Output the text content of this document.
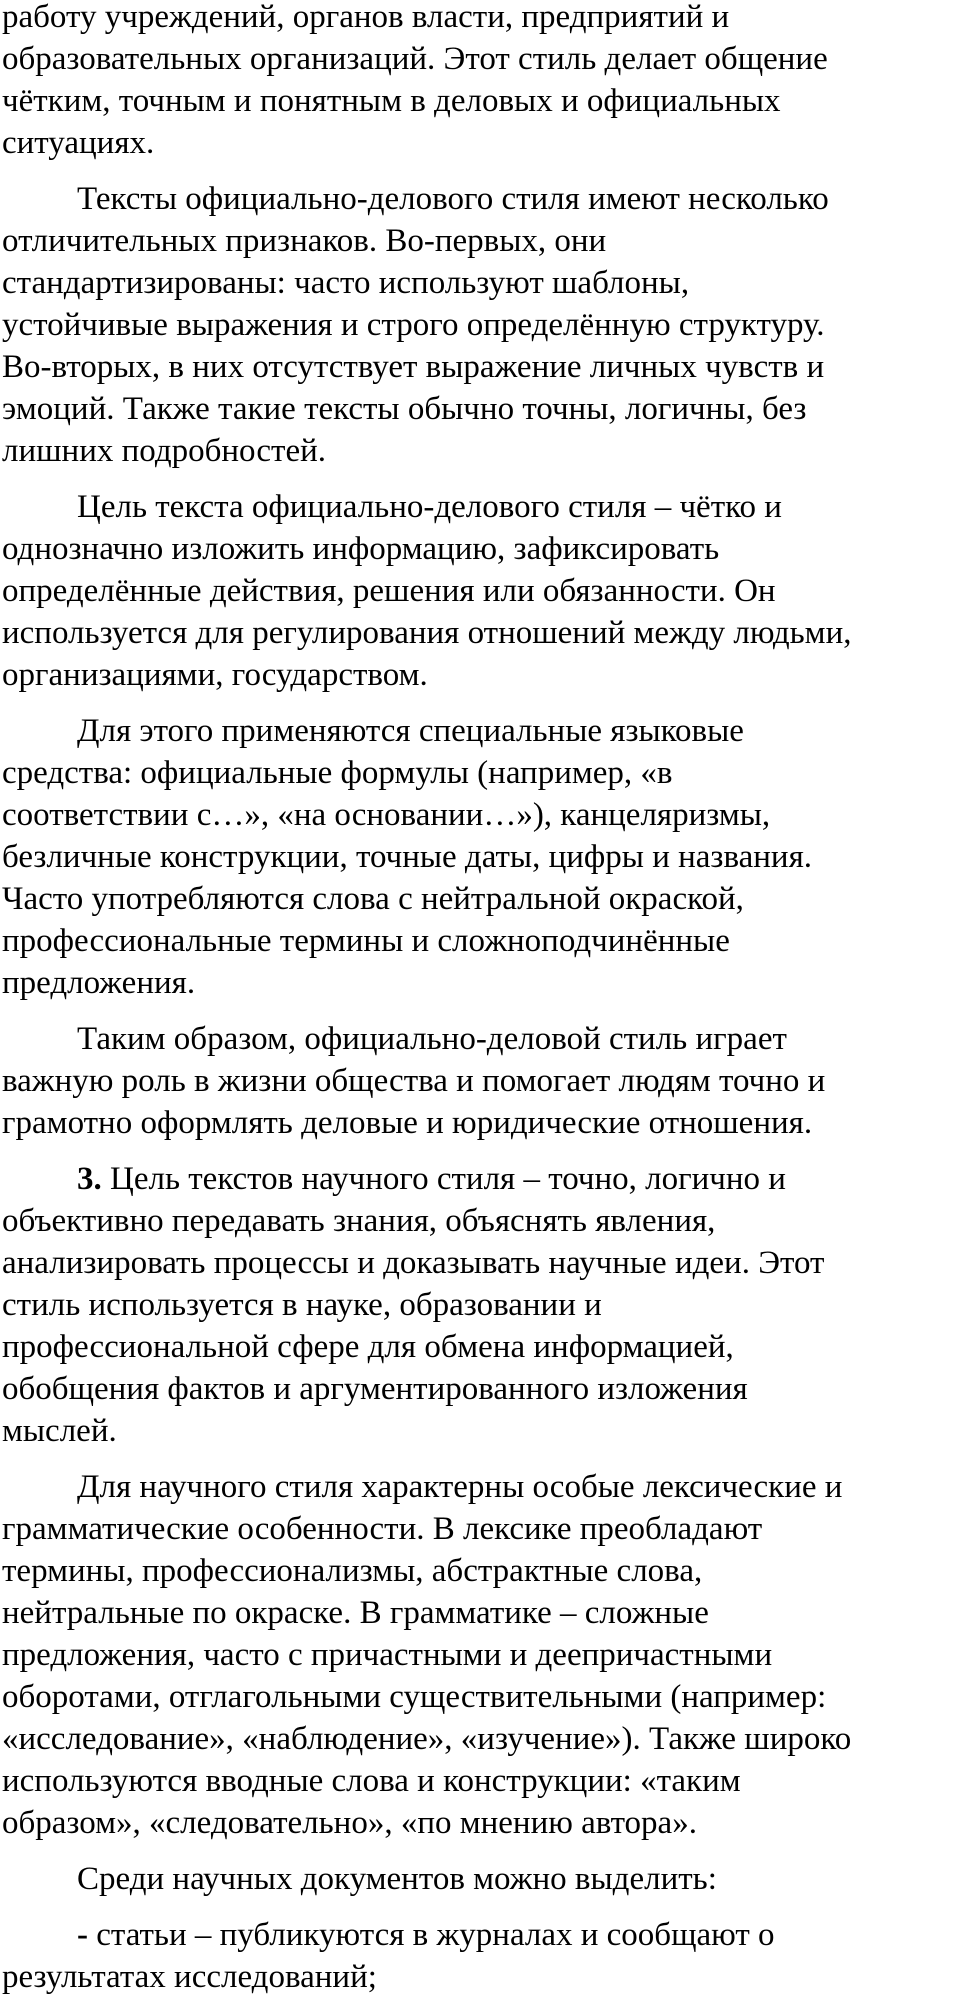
работу учреждений, органов власти, предприятий и
образовательных организаций. Этот стиль делает общение
чётким, точным и понятным в деловых и официальных
ситуациях.
Тексты официально-делового стиля имеют несколько
отличительных признаков. Во-первых, они
стандартизированы: часто используют шаблоны,
устойчивые выражения и строго определённую структуру.
Во-вторых, в них отсутствует выражение личных чувств и
эмоций. Также такие тексты обычно точны, логичны, без
лишних подробностей.
Цель текста официально-делового стиля – чётко и
однозначно изложить информацию, зафиксировать
определённые действия, решения или обязанности. Он
используется для регулирования отношений между людьми,
организациями, государством.
Для этого применяются специальные языковые
средства: официальные формулы (например, «в
соответствии с…», «на основании…»), канцеляризмы,
безличные конструкции, точные даты, цифры и названия.
Часто употребляются слова с нейтральной окраской,
профессиональные термины и сложноподчинённые
предложения.
Таким образом, официально-деловой стиль играет
важную роль в жизни общества и помогает людям точно и
грамотно оформлять деловые и юридические отношения.
3. Цель текстов научного стиля – точно, логично и
объективно передавать знания, объяснять явления,
анализировать процессы и доказывать научные идеи. Этот
стиль используется в науке, образовании и
профессиональной сфере для обмена информацией,
обобщения фактов и аргументированного изложения
мыслей.
Для научного стиля характерны особые лексические и
грамматические особенности. В лексике преобладают
термины, профессионализмы, абстрактные слова,
нейтральные по окраске. В грамматике – сложные
предложения, часто с причастными и деепричастными
оборотами, отглагольными существительными (например:
«исследование», «наблюдение», «изучение»). Также широко
используются вводные слова и конструкции: «таким
образом», «следовательно», «по мнению автора».
Среди научных документов можно выделить:
- статьи – публикуются в журналах и сообщают о
результатах исследований;
